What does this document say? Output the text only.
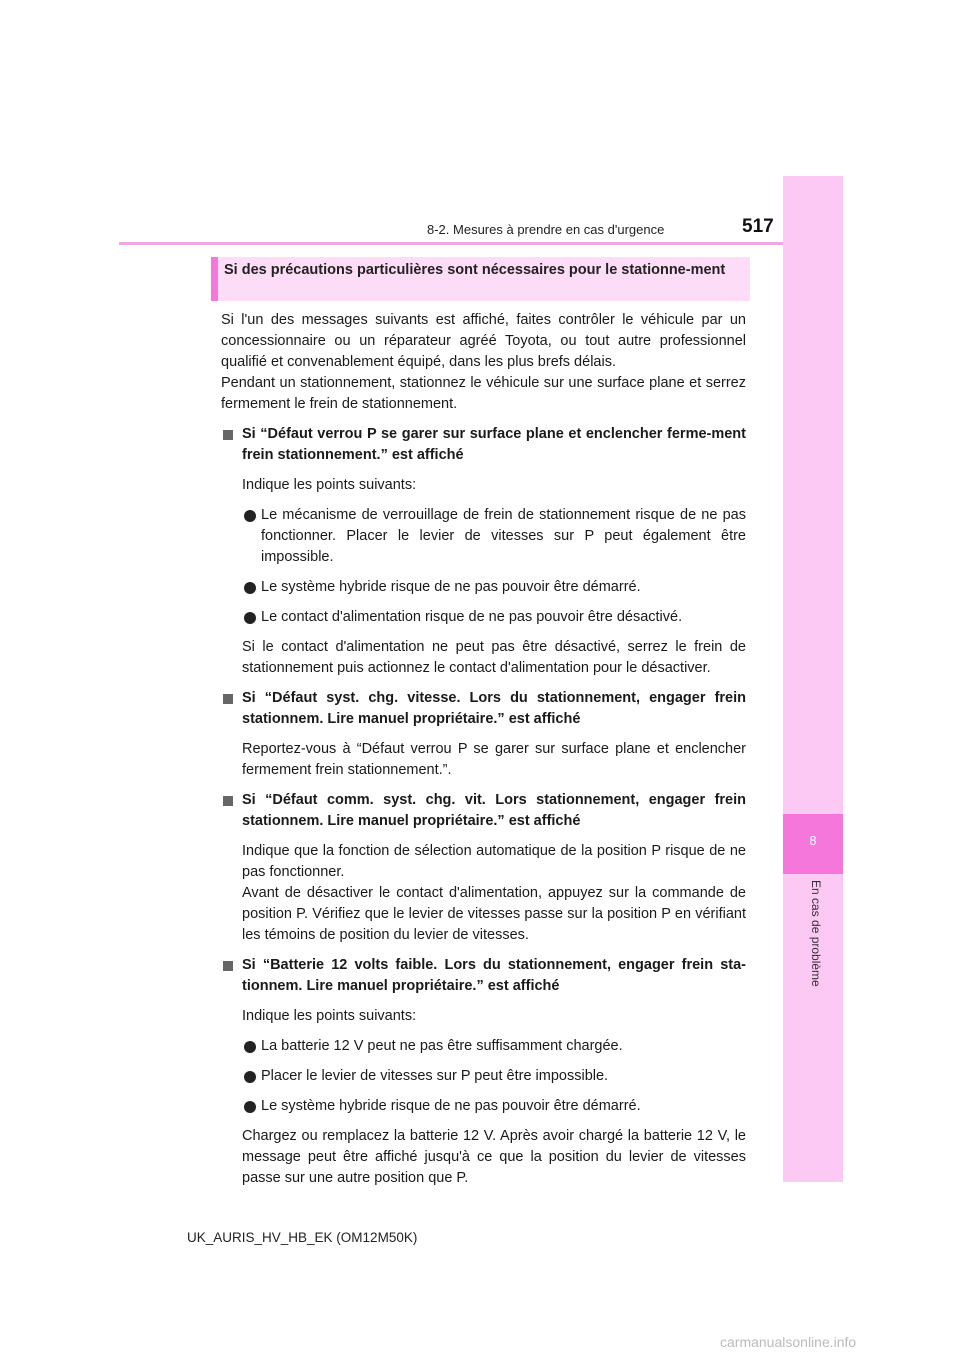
8
En cas de problème
8-2. Mesures à prendre en cas d'urgence	517
Si des précautions particulières sont nécessaires pour le stationne-ment

Si l'un des messages suivants est affiché, faites contrôler le véhicule par un concessionnaire ou un réparateur agréé Toyota, ou tout autre professionnel qualifié et convenablement équipé, dans les plus brefs délais.

Pendant un stationnement, stationnez le véhicule sur une surface plane et serrez fermement le frein de stationnement.

Si “Défaut verrou P se garer sur surface plane et enclencher ferme-ment frein stationnement.” est affiché

Indique les points suivants:

Le mécanisme de verrouillage de frein de stationnement risque de ne pas fonctionner. Placer le levier de vitesses sur P peut également être impossible.

Le système hybride risque de ne pas pouvoir être démarré.

Le contact d'alimentation risque de ne pas pouvoir être désactivé.

Si le contact d'alimentation ne peut pas être désactivé, serrez le frein de stationnement puis actionnez le contact d'alimentation pour le désactiver.

Si “Défaut syst. chg. vitesse. Lors du stationnement, engager frein stationnem. Lire manuel propriétaire.” est affiché

Reportez-vous à “Défaut verrou P se garer sur surface plane et enclencher fermement frein stationnement.”.

Si “Défaut comm. syst. chg. vit. Lors stationnement, engager frein stationnem. Lire manuel propriétaire.” est affiché

Indique que la fonction de sélection automatique de la position P risque de ne pas fonctionner.

Avant de désactiver le contact d'alimentation, appuyez sur la commande de position P. Vérifiez que le levier de vitesses passe sur la position P en vérifiant les témoins de position du levier de vitesses.

Si “Batterie 12 volts faible. Lors du stationnement, engager frein sta-tionnem. Lire manuel propriétaire.” est affiché

Indique les points suivants:

La batterie 12 V peut ne pas être suffisamment chargée.

Placer le levier de vitesses sur P peut être impossible.

Le système hybride risque de ne pas pouvoir être démarré.

Chargez ou remplacez la batterie 12 V. Après avoir chargé la batterie 12 V, le message peut être affiché jusqu'à ce que la position du levier de vitesses passe sur une autre position que P.

UK_AURIS_HV_HB_EK (OM12M50K)
carmanualsonline.info
